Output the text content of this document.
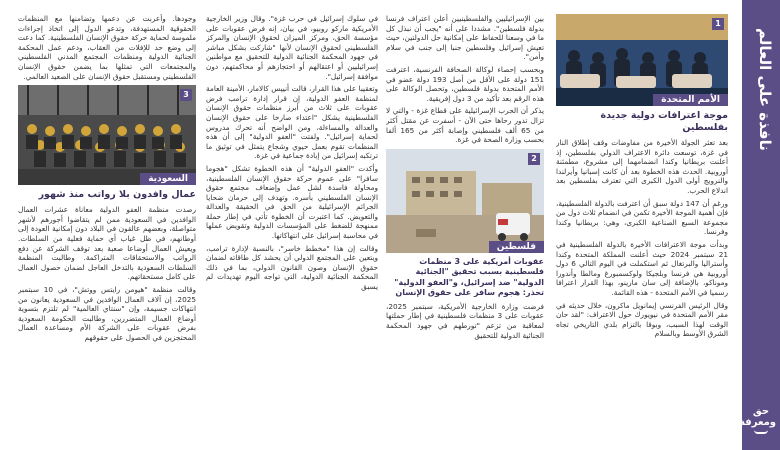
نافذة على العالم
حق
ومعرفة
1
الأمم المتحدة
موجة اعترافات دولية جديدة بفلسطين

بعد تعثر الجولة الأخيرة من مفاوضات وقف إطلاق النار في غزة، توسعت دائرة الاعتراف الدولي بفلسطين، إذ أعلنت بريطانيا وكندا انضمامهما إلى مشروع، مطمئنة أوروبية. الحدث هذه الخطوة بعد أن كانت إسبانيا وأيرلندا والنرويج أولى الدول الكبرى التي تعترف بفلسطين بعد اندلاع الحرب.

ورغم أن 147 دولة سبق أن اعترفت بالدولة الفلسطينية، فإن أهمية الموجة الأخيرة تكمن في انضمام ثلاث دول من مجموعة السبع الصناعية الكبرى، وهي: بريطانيا وكندا وفرنسا.

وبدأت موجة الاعترافات الأخيرة بالدولة الفلسطينية في 21 سبتمبر 2024 حيث أعلنت المملكة المتحدة وكندا وأستراليا والبرتغال ثم استكملت في اليوم التالي 6 دول أوروبية هي فرنسا وبلجيكا ولوكسمبورغ ومالطا وأندورا وموناكو، بالإضافة إلى سان مارينو، بهذا القرار اعترافا رسميا في الأمم المتحدة - هذه القائمة.

وقال الرئيس الفرنسي إيمانويل ماكرون، خلال حديثه في مقر الأمم المتحدة في نيويورك حول الاعتراف: "لقد حان الوقت لهذا السبب، وبوقا بالتزام بلدي التاريخي تجاه الشرق الأوسط وبالسلام

بين الإسرائيليين والفلسطينيين أعلن اعتراف فرنسا بدولة فلسطين". مشددا على أنه "يجب أن نبذل كل ما في وسعنا للحفاظ على إمكانية حل الدولتين، حيث تعيش إسرائيل وفلسطين جنبا إلى جنب في سلام وأمن".

وبحسب إحصاء لوكالة الصحافة الفرنسية، اعترفت 151 دولة على الأقل من أصل 193 دولة عضو في الأمم المتحدة بدولة فلسطين، وتحصل الوكالة على هذه الرقم بعد تأكيد من 3 دول إفريقية.

يذكر أن الحرب الإسرائيلية على قطاع غزة - والتي لا تزال تدور رحاها حتى الآن - أسفرت عن مقتل أكثر من 65 ألف فلسطيني وإصابة أكثر من 165 ألفا بحسب وزارة الصحة في غزة.

2
فلسطين
عقوبات أمريكية على 3 منظمات فلسطينية بسبب تحقيق "الجنائية الدولية" ضد إسرائيل، و"العفو الدولية" تحذر: هجوم سافر على حقوق الإنسان

فرضت وزارة الخارجية الأمريكية، سبتمبر 2025، عقوبات على 3 منظمات فلسطينية في إطار حملتها لمعاقبة من تزعم "تورطهم في جهود المحكمة الجنائية الدولية للتحقيق

في سلوك إسرائيل في حرب غزة". وقال وزير الخارجية الأمريكية ماركو روبيو، في بيان، إنه فرض عقوبات على مؤسسة الحق، ومركز الميزان لحقوق الإنسان والمركز الفلسطيني لحقوق الإنسان لأنها "شاركت بشكل مباشر في جهود المحكمة الجنائية الدولية للتحقيق مع مواطنين إسرائيليين أو اعتقالهم أو احتجازهم أو محاكمتهم، دون موافقة إسرائيل".

وتعقيبا على هذا القرار، قالت أنييس كالامار، الأمينة العامة لمنظمة العفو الدولية، إن قرار إدارة ترامب فرض عقوبات على ثلاث من أبرز منظمات حقوق الإنسان الفلسطينية يشكل "اعتداء صارخا على حقوق الإنسان والعدالة والمساءلة، ومن الواضح أنه تحرك مدروس لحماية إسرائيل". ولفتت "العفو الدولية" إلى أن هذه المنظمات تقوم بعمل حيوي وشجاع يتمثل في توثيق ما ترتكبه إسرائيل من إبادة جماعية في غزة.

وأكدت "العفو الدولية" أن هذه الخطوة تشكل "هجوما سافرا" على عموم حركة حقوق الإنسان الفلسطينية، ومحاولة فاسدة لشل عمل وإضعاف مجتمع حقوق الإنسان الفلسطيني بأسره. وتهدف إلى حرمان ضحايا الجرائم الإسرائيلية من الحق في الحقيقة والعدالة والتعويض. كما اعتبرت أن الخطوة تأتي في إطار حملة ممنهجة للضغط على المؤسسات الدولية وتقويض عملها في محاسبة إسرائيل على انتهاكاتها.

وقالت إن هذا "مخطط خاسر"، بالنسبة لإدارة ترامب، ويتعين على المجتمع الدولي أن يحشد كل طاقاته لضمان حقوق الإنسان وصون القانون الدولي، بما في ذلك المحكمة الجنائية الدولية، التي تواجه اليوم تهديدات لم يسبق

وجودها. وأعربت عن دعمها وتضامنها مع المنظمات الحقوقية المستهدفة، وتدعو الدول إلى اتخاذ إجراءات ملموسة لحماية حركة حقوق الإنسان الفلسطينية. كما دعت إلى وضع حد للإفلات من العقاب، ودعم عمل المحكمة الجنائية الدولية ومنظمات المجتمع المدني الفلسطيني والمجتمعات التي تمثلها بما يضمن حقوق الإنسان الفلسطيني ومستقبل حقوق الإنسان على الصعيد العالمي.

3
السعودية
عمال وافدون بلا رواتب منذ شهور

رصدت منظمة العفو الدولية معاناة عشرات العمال الوافدين في السعودية ممن لم يتقاضوا أجورهم لأشهر متواصلة، وبعضهم عالقون في البلاد دون إمكانية العودة إلى أوطانهم، في ظل غياب أي حماية فعلية من السلطات. ويعيش العمال أوضاعا صعبة بعد توقف الشركة عن دفع الرواتب والاستحقاقات المتراكمة. وطالبت المنظمة السلطات السعودية بالتدخل العاجل لضمان حصول العمال على كامل مستحقاتهم.

وقالت منظمة "هيومن رايتس ووتش"، في 10 سبتمبر 2025، إن آلاف العمال الوافدين في السعودية يعانون من انتهاكات جسيمة، وإن "سنتاي العالمية" لم تلتزم بتسوية أوضاع العمال المتضررين، وطالبت الحكومة السعودية بفرض عقوبات على الشركة الأم ومساعدة العمال المحتجزين في الحصول على حقوقهم
